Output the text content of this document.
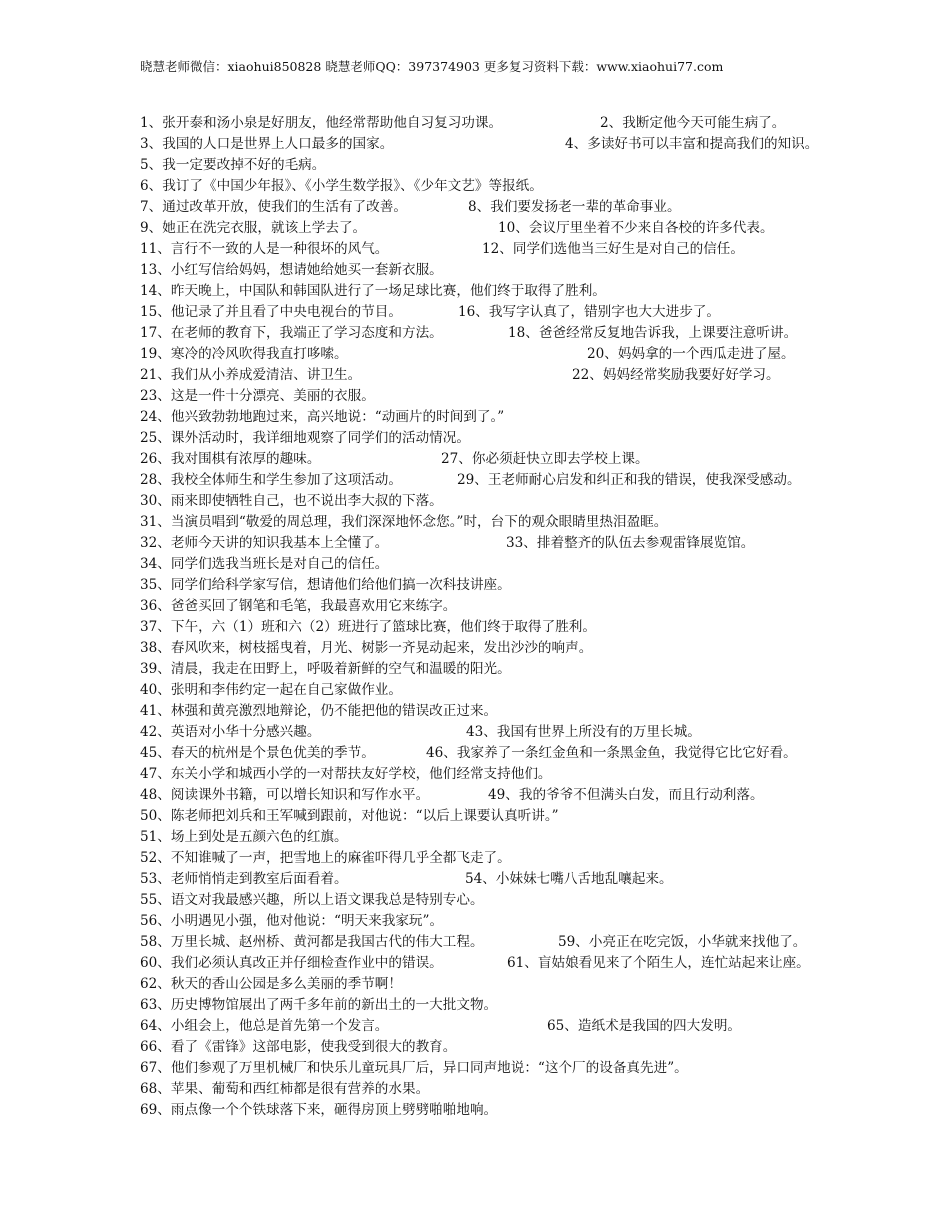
晓慧老师微信：xiaohui850828 晓慧老师QQ：397374903 更多复习资料下载：www.xiaohui77.com
1、张开泰和汤小泉是好朋友，他经常帮助他自习复习功课。	2、我断定他今天可能生病了。
3、我国的人口是世界上人口最多的国家。	4、多读好书可以丰富和提高我们的知识。
5、我一定要改掉不好的毛病。
6、我订了《中国少年报》、《小学生数学报》、《少年文艺》等报纸。
7、通过改革开放，使我们的生活有了改善。	8、我们要发扬老一辈的革命事业。
9、她正在洗完衣服，就该上学去了。	10、会议厅里坐着不少来自各校的许多代表。
11、言行不一致的人是一种很坏的风气。	12、同学们选他当三好生是对自己的信任。
13、小红写信给妈妈，想请她给她买一套新衣服。
14、昨天晚上，中国队和韩国队进行了一场足球比赛，他们终于取得了胜利。
15、他记录了并且看了中央电视台的节目。	16、我写字认真了，错别字也大大进步了。
17、在老师的教育下，我端正了学习态度和方法。	18、爸爸经常反复地告诉我，上课要注意听讲。
19、寒冷的冷风吹得我直打哆嗦。	20、妈妈拿的一个西瓜走进了屋。
21、我们从小养成爱清洁、讲卫生。	22、妈妈经常奖励我要好好学习。
23、这是一件十分漂亮、美丽的衣服。
24、他兴致勃勃地跑过来，高兴地说：“动画片的时间到了。”
25、课外活动时，我详细地观察了同学们的活动情况。
26、我对围棋有浓厚的趣味。	27、你必须赶快立即去学校上课。
28、我校全体师生和学生参加了这项活动。	29、王老师耐心启发和纠正和我的错误，使我深受感动。
30、雨来即使牺牲自己，也不说出李大叔的下落。
31、当演员唱到“敬爱的周总理，我们深深地怀念您。”时，台下的观众眼睛里热泪盈眶。
32、老师今天讲的知识我基本上全懂了。	33、排着整齐的队伍去参观雷锋展览馆。
34、同学们选我当班长是对自己的信任。
35、同学们给科学家写信，想请他们给他们搞一次科技讲座。
36、爸爸买回了钢笔和毛笔，我最喜欢用它来练字。
37、下午，六（1）班和六（2）班进行了篮球比赛，他们终于取得了胜利。
38、春风吹来，树枝摇曳着，月光、树影一齐晃动起来，发出沙沙的响声。
39、清晨，我走在田野上，呼吸着新鲜的空气和温暖的阳光。
40、张明和李伟约定一起在自己家做作业。
41、林强和黄亮激烈地辩论，仍不能把他的错误改正过来。
42、英语对小华十分感兴趣。	43、我国有世界上所没有的万里长城。
45、春天的杭州是个景色优美的季节。	46、我家养了一条红金鱼和一条黑金鱼，我觉得它比它好看。
47、东关小学和城西小学的一对帮扶友好学校，他们经常支持他们。
48、阅读课外书籍，可以增长知识和写作水平。	49、我的爷爷不但满头白发，而且行动利落。
50、陈老师把刘兵和王军喊到跟前，对他说：“以后上课要认真听讲。”
51、场上到处是五颜六色的红旗。
52、不知谁喊了一声，把雪地上的麻雀吓得几乎全都飞走了。
53、老师悄悄走到教室后面看着。	54、小妹妹七嘴八舌地乱嚷起来。
55、语文对我最感兴趣，所以上语文课我总是特别专心。
56、小明遇见小强，他对他说：“明天来我家玩”。
58、万里长城、赵州桥、黄河都是我国古代的伟大工程。	59、小亮正在吃完饭，小华就来找他了。
60、我们必须认真改正并仔细检查作业中的错误。	61、盲姑娘看见来了个陌生人，连忙站起来让座。
62、秋天的香山公园是多么美丽的季节啊！
63、历史博物馆展出了两千多年前的新出土的一大批文物。
64、小组会上，他总是首先第一个发言。	65、造纸术是我国的四大发明。
66、看了《雷锋》这部电影，使我受到很大的教育。
67、他们参观了万里机械厂和快乐儿童玩具厂后，异口同声地说：“这个厂的设备真先进”。
68、苹果、葡萄和西红柿都是很有营养的水果。
69、雨点像一个个铁球落下来，砸得房顶上劈劈啪啪地响。
